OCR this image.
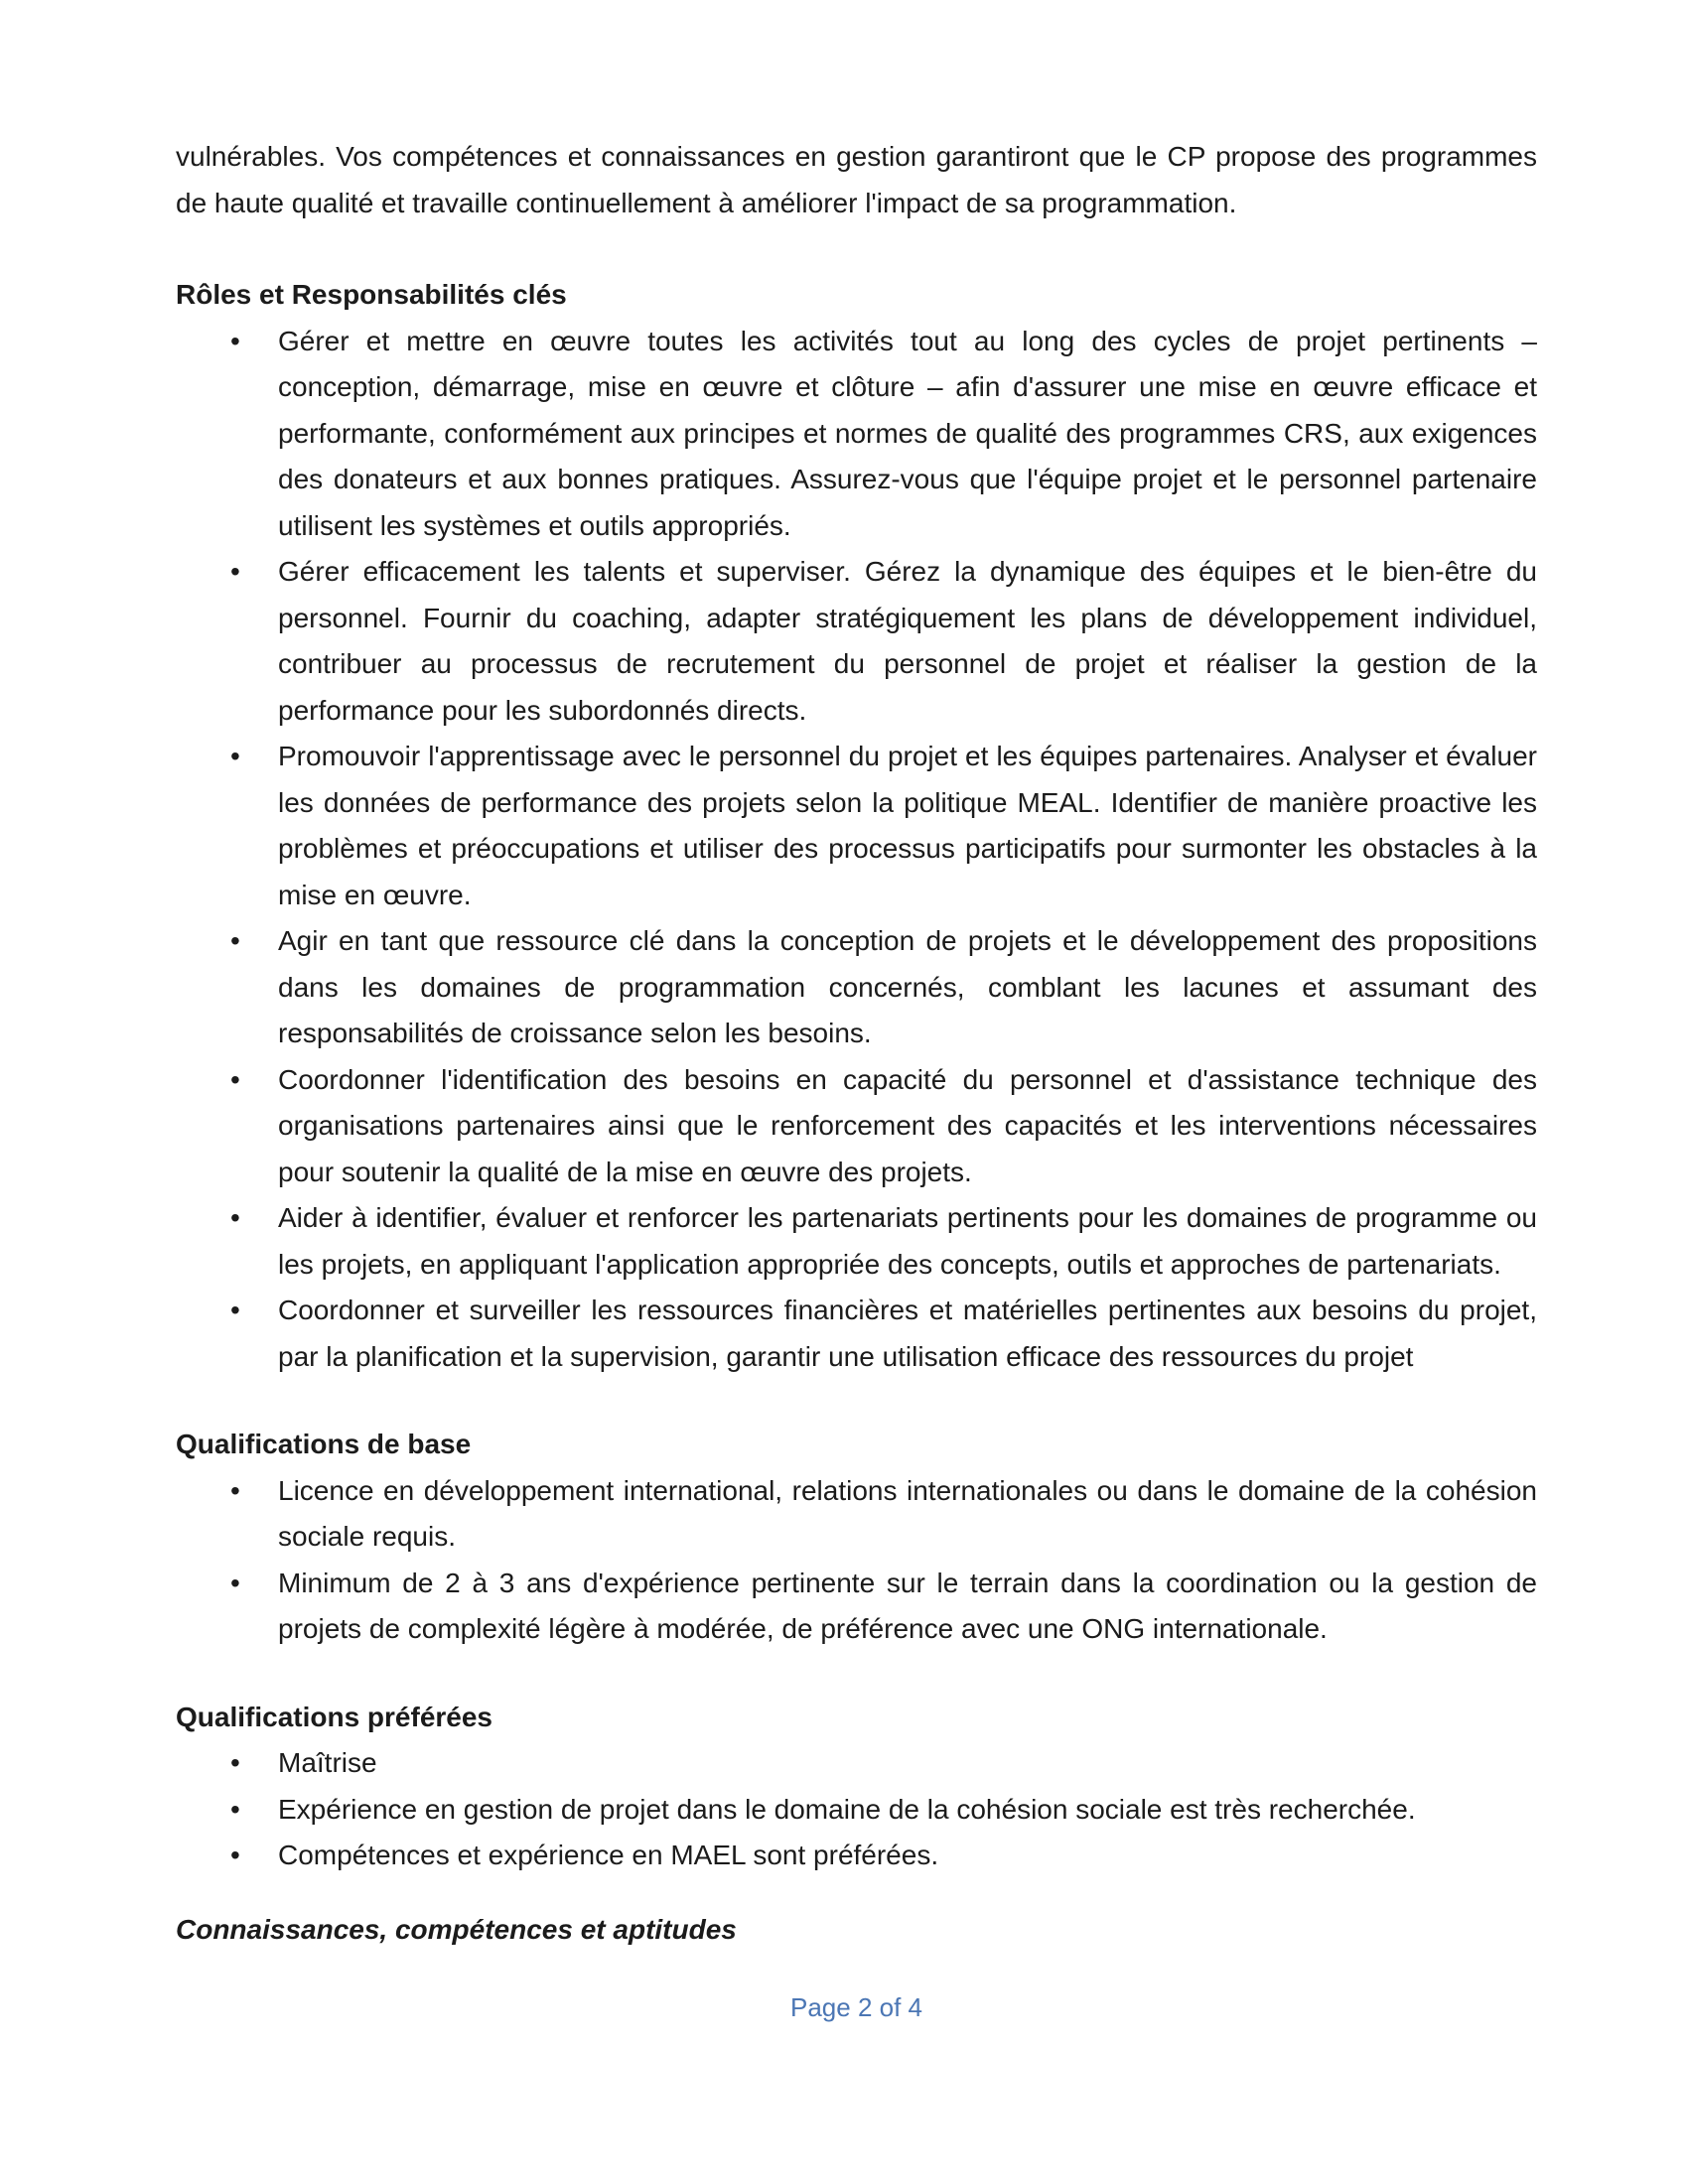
vulnérables. Vos compétences et connaissances en gestion garantiront que le CP propose des programmes de haute qualité et travaille continuellement à améliorer l'impact de sa programmation.

Rôles et Responsabilités clés
•	Gérer et mettre en œuvre toutes les activités tout au long des cycles de projet pertinents – conception, démarrage, mise en œuvre et clôture – afin d'assurer une mise en œuvre efficace et performante, conformément aux principes et normes de qualité des programmes CRS, aux exigences des donateurs et aux bonnes pratiques. Assurez-vous que l'équipe projet et le personnel partenaire utilisent les systèmes et outils appropriés.
•	Gérer efficacement les talents et superviser. Gérez la dynamique des équipes et le bien-être du personnel. Fournir du coaching, adapter stratégiquement les plans de développement individuel, contribuer au processus de recrutement du personnel de projet et réaliser la gestion de la performance pour les subordonnés directs.
•	Promouvoir l'apprentissage avec le personnel du projet et les équipes partenaires. Analyser et évaluer les données de performance des projets selon la politique MEAL. Identifier de manière proactive les problèmes et préoccupations et utiliser des processus participatifs pour surmonter les obstacles à la mise en œuvre.
•	Agir en tant que ressource clé dans la conception de projets et le développement des propositions dans les domaines de programmation concernés, comblant les lacunes et assumant des responsabilités de croissance selon les besoins.
•	Coordonner l'identification des besoins en capacité du personnel et d'assistance technique des organisations partenaires ainsi que le renforcement des capacités et les interventions nécessaires pour soutenir la qualité de la mise en œuvre des projets.
•	Aider à identifier, évaluer et renforcer les partenariats pertinents pour les domaines de programme ou les projets, en appliquant l'application appropriée des concepts, outils et approches de partenariats.
•	Coordonner et surveiller les ressources financières et matérielles pertinentes aux besoins du projet, par la planification et la supervision, garantir une utilisation efficace des ressources du projet
Qualifications de base
•	Licence en développement international, relations internationales ou dans le domaine de la cohésion sociale requis.
•	Minimum de 2 à 3 ans d'expérience pertinente sur le terrain dans la coordination ou la gestion de projets de complexité légère à modérée, de préférence avec une ONG internationale.
Qualifications préférées
•	Maîtrise
•	Expérience en gestion de projet dans le domaine de la cohésion sociale est très recherchée.
•	Compétences et expérience en MAEL sont préférées.
Connaissances, compétences et aptitudes
Page 2 of 4
